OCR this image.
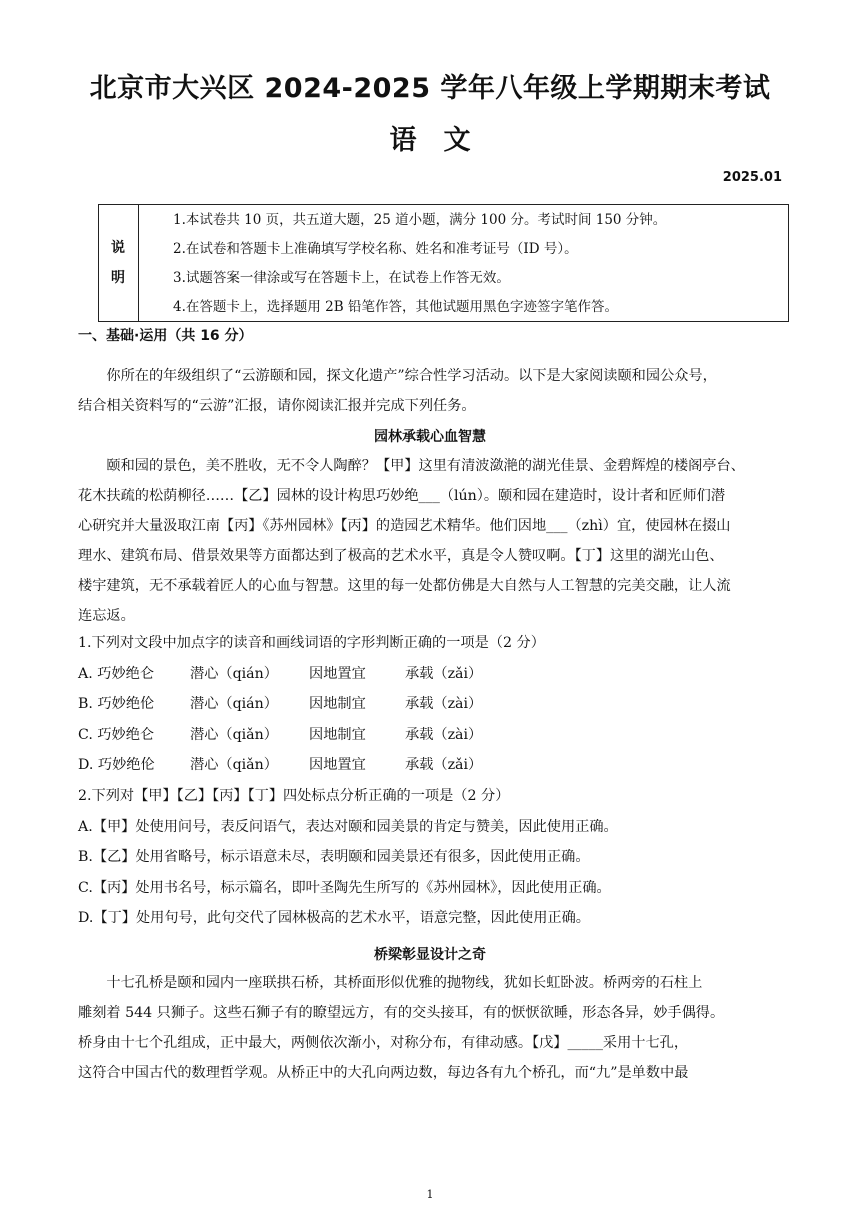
北京市大兴区 2024-2025 学年八年级上学期期末考试
语　文
2025.01
说
明
1.本试卷共 10 页，共五道大题，25 道小题，满分 100 分。考试时间 150 分钟。
2.在试卷和答题卡上准确填写学校名称、姓名和准考证号（ID 号）。
3.试题答案一律涂或写在答题卡上，在试卷上作答无效。
4.在答题卡上，选择题用 2B 铅笔作答，其他试题用黑色字迹签字笔作答。
一、基础·运用（共 16 分）
　　你所在的年级组织了“云游颐和园，探文化遗产”综合性学习活动。以下是大家阅读颐和园公众号，
结合相关资料写的“云游”汇报，请你阅读汇报并完成下列任务。
园林承载心血智慧
　　颐和园的景色，美不胜收，无不令人陶醉？【甲】这里有清波潋滟的湖光佳景、金碧辉煌的楼阁亭台、
花木扶疏的松荫柳径……【乙】园林的设计构思巧妙绝___（lún）。颐和园在建造时，设计者和匠师们潜
心研究并大量汲取江南【丙】《苏州园林》【丙】的造园艺术精华。他们因地___（zhì）宜，使园林在掇山
理水、建筑布局、借景效果等方面都达到了极高的艺术水平，真是令人赞叹啊。【丁】这里的湖光山色、
楼宇建筑，无不承载着匠人的心血与智慧。这里的每一处都仿佛是大自然与人工智慧的完美交融，让人流
连忘返。
1.下列对文段中加点字的读音和画线词语的字形判断正确的一项是（2 分）
A. 巧妙绝仑	潜心（qián） 因地置宜	承载（zǎi）
B. 巧妙绝伦	潜心（qián） 因地制宜	承载（zài）
C. 巧妙绝仑	潜心（qiǎn） 因地制宜	承载（zài）
D. 巧妙绝伦 潜心（qiǎn） 因地置宜	承载（zǎi）
2.下列对【甲】【乙】【丙】【丁】四处标点分析正确的一项是（2 分）
A.【甲】处使用问号，表反问语气，表达对颐和园美景的肯定与赞美，因此使用正确。
B.【乙】处用省略号，标示语意未尽，表明颐和园美景还有很多，因此使用正确。
C.【丙】处用书名号，标示篇名，即叶圣陶先生所写的《苏州园林》，因此使用正确。
D.【丁】处用句号，此句交代了园林极高的艺术水平，语意完整，因此使用正确。
桥梁彰显设计之奇
　　十七孔桥是颐和园内一座联拱石桥，其桥面形似优雅的抛物线，犹如长虹卧波。桥两旁的石柱上
雕刻着 544 只狮子。这些石狮子有的瞭望远方，有的交头接耳，有的恹恹欲睡，形态各异，妙手偶得。
桥身由十七个孔组成，正中最大，两侧依次渐小，对称分布，有律动感。【戊】_____采用十七孔，
这符合中国古代的数理哲学观。从桥正中的大孔向两边数，每边各有九个桥孔，而“九”是单数中最
1
